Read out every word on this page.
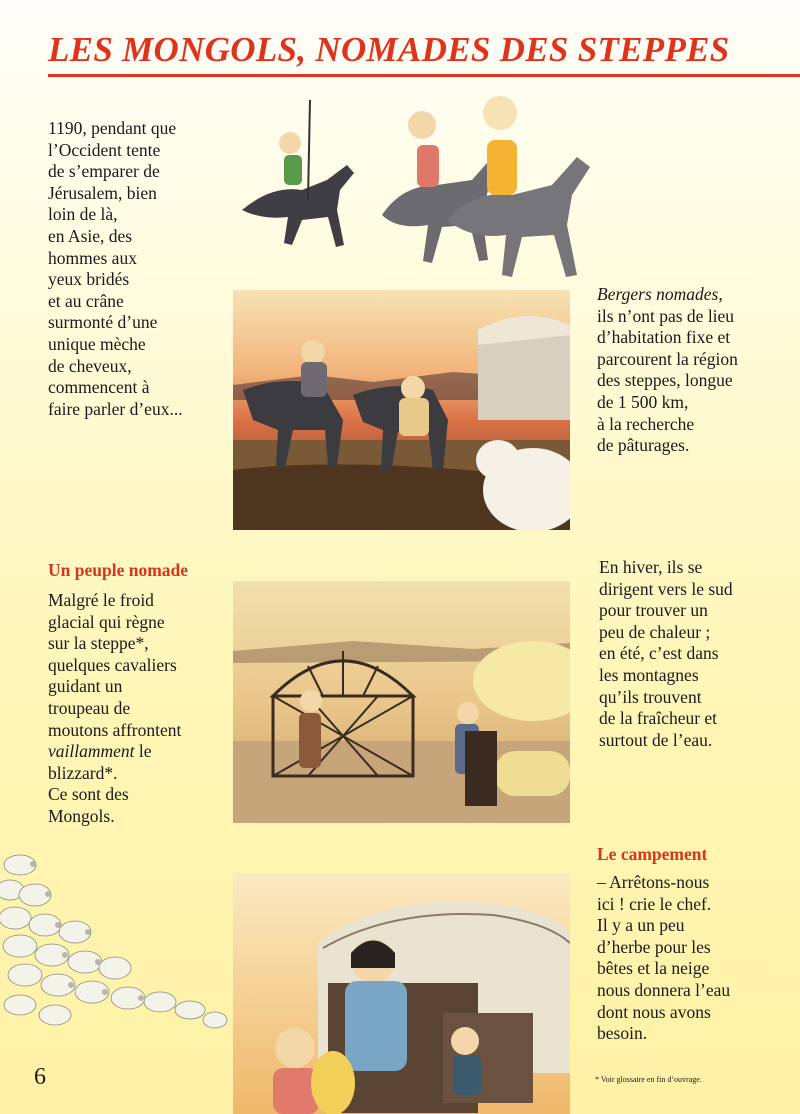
LES MONGOLS, NOMADES DES STEPPES
1190, pendant que
l’Occident tente
de s’emparer de
Jérusalem, bien
loin de là,
en Asie, des
hommes aux
yeux bridés
et au crâne
surmonté d’une
unique mèche
de cheveux,
commencent à
faire parler d’eux...
Bergers nomades,
ils n’ont pas de lieu
d’habitation fixe et
parcourent la région
des steppes, longue
de 1 500 km,
à la recherche
de pâturages.
Un peuple nomade
Malgré le froid
glacial qui règne
sur la steppe*,
quelques cavaliers
guidant un
troupeau de
moutons affrontent
vaillamment le
blizzard*.
Ce sont des
Mongols.
En hiver, ils se
dirigent vers le sud
pour trouver un
peu de chaleur ;
en été, c’est dans
les montagnes
qu’ils trouvent
de la fraîcheur et
surtout de l’eau.
Le campement
– Arrêtons-nous
ici ! crie le chef.
Il y a un peu
d’herbe pour les
bêtes et la neige
nous donnera l’eau
dont nous avons
besoin.
6	* Voir glossaire en fin d’ouvrage.
